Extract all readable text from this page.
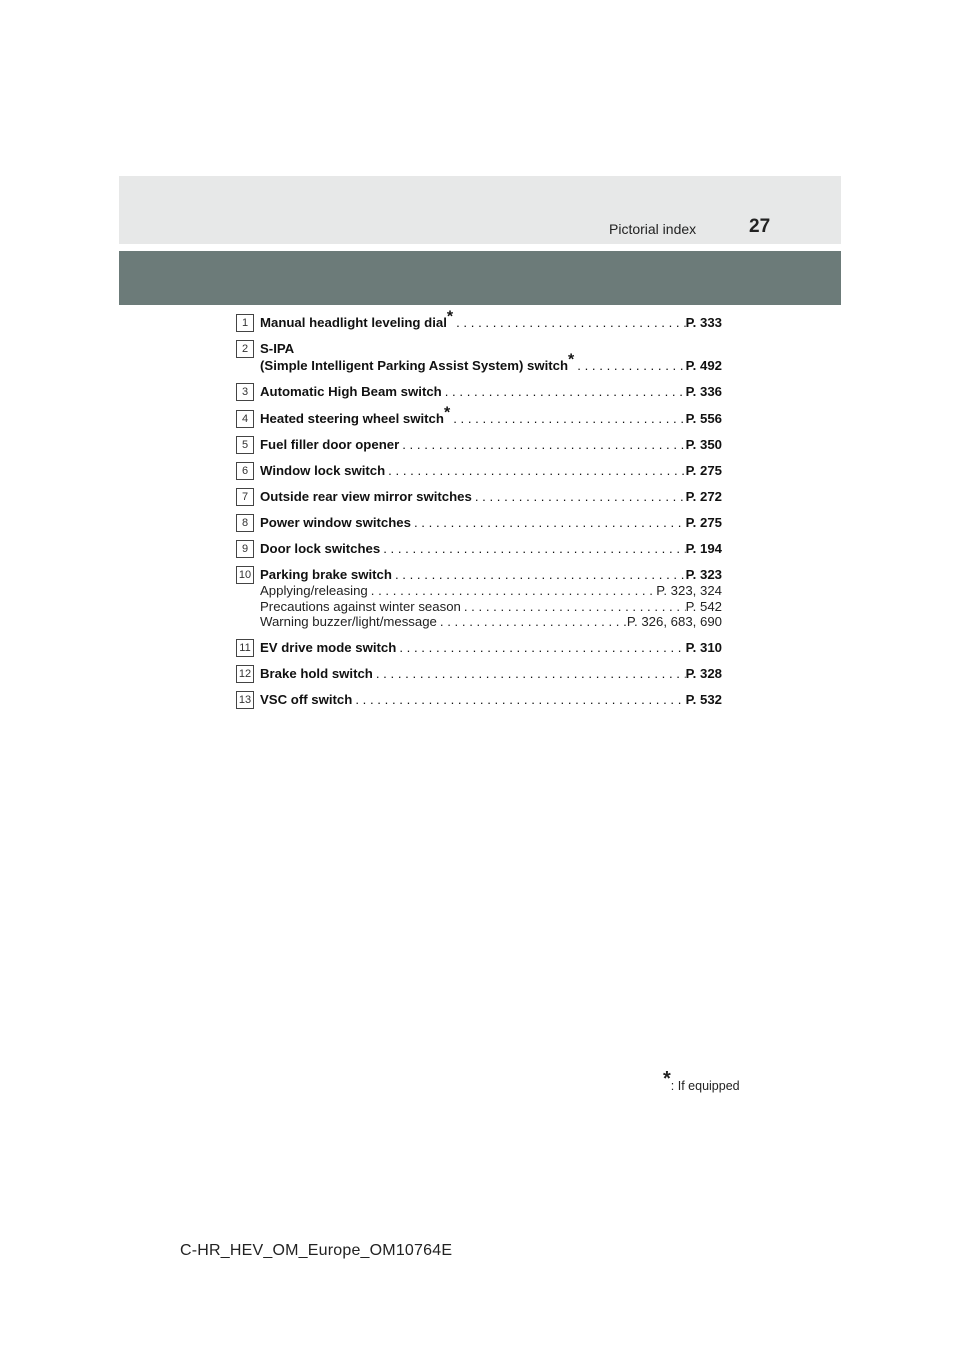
Pictorial index	27
1 Manual headlight leveling dial* . . .	P. 333
2 S-IPA
(Simple Intelligent Parking Assist System) switch* . . .	P. 492
3 Automatic High Beam switch . . .	P. 336
4 Heated steering wheel switch* . . .	P. 556
5 Fuel filler door opener . . .	P. 350
6 Window lock switch . . .	P. 275
7 Outside rear view mirror switches . . .	P. 272
8 Power window switches . . .	P. 275
9 Door lock switches . . .	P. 194
10 Parking brake switch . . .	P. 323
Applying/releasing . . .	P. 323, 324
Precautions against winter season . . .	P. 542
Warning buzzer/light/message . . .	P. 326, 683, 690
11 EV drive mode switch . . .	P. 310
12 Brake hold switch . . .	P. 328
13 VSC off switch . . .	P. 532
*: If equipped
C-HR_HEV_OM_Europe_OM10764E
